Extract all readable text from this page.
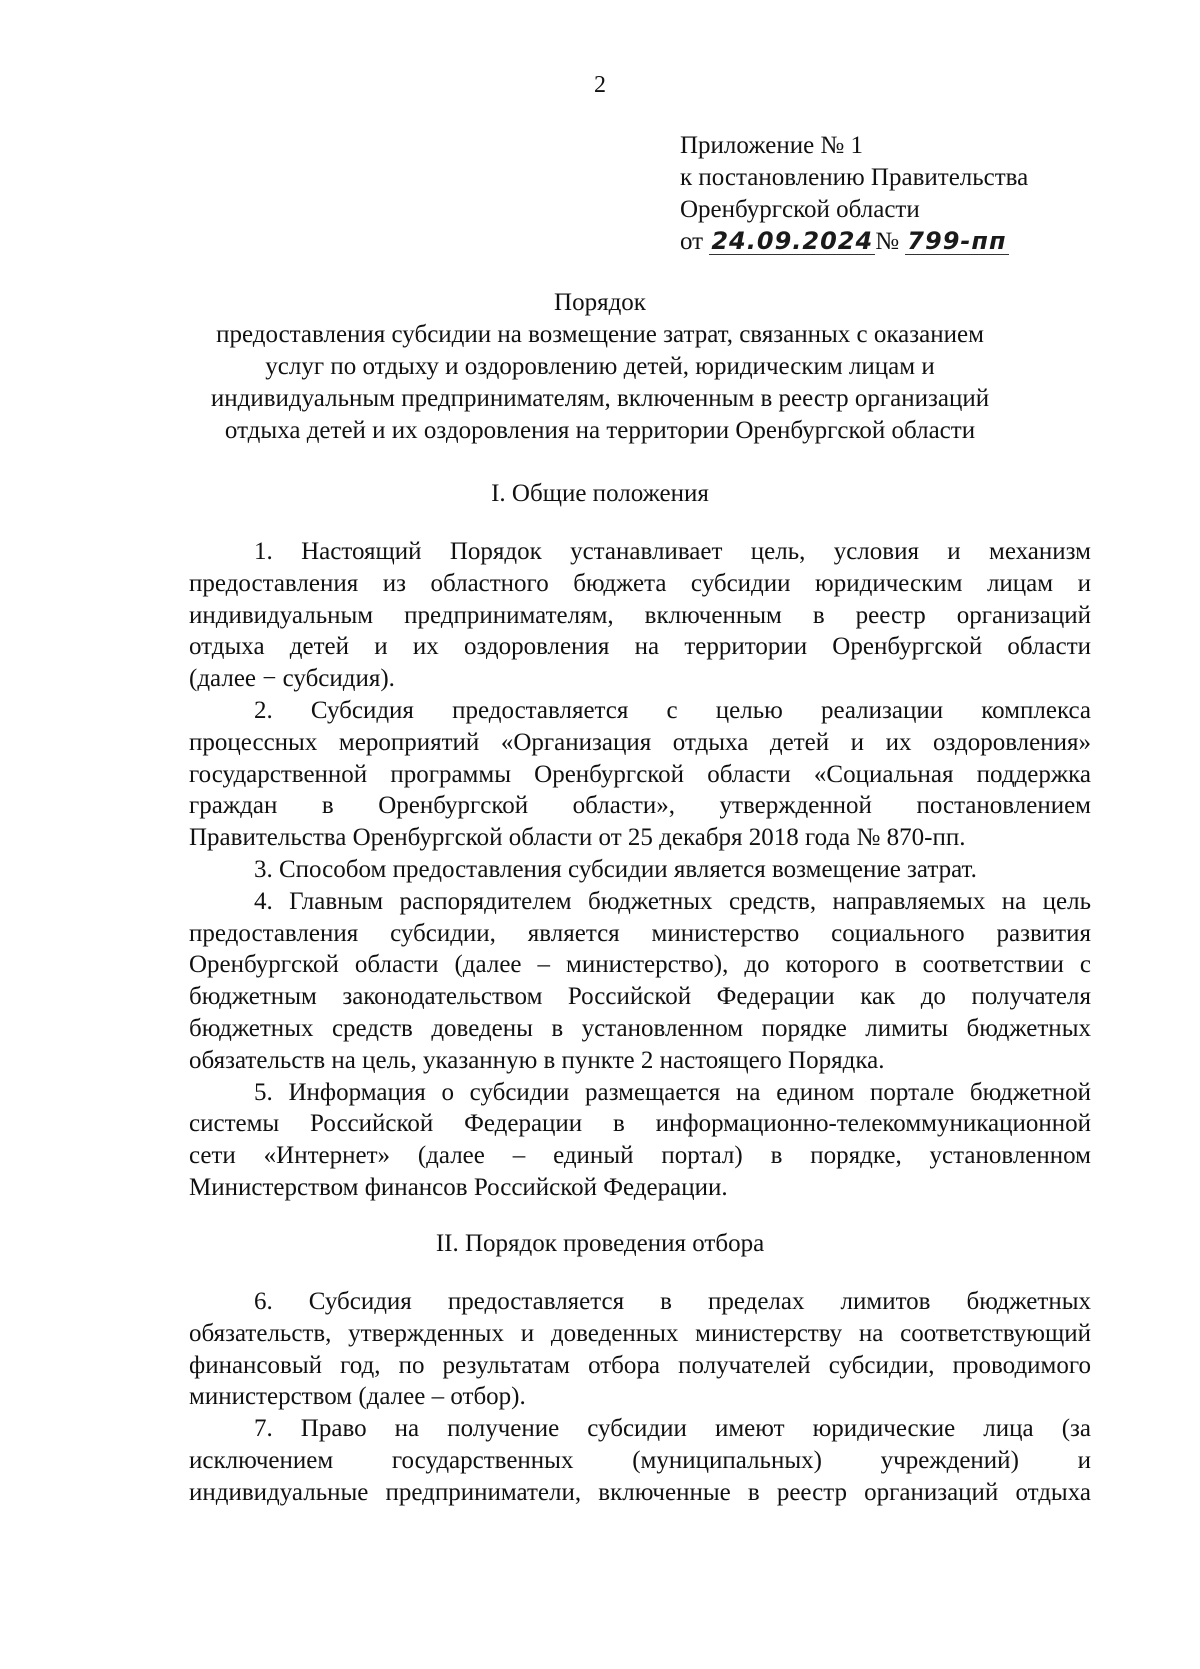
2
Приложение № 1
к постановлению Правительства
Оренбургской области
от 24.09.2024№ 799-пп
Порядок
предоставления субсидии на возмещение затрат, связанных с оказанием
услуг по отдыху и оздоровлению детей, юридическим лицам и
индивидуальным предпринимателям, включенным в реестр организаций
отдыха детей и их оздоровления на территории Оренбургской области
I. Общие положения
1. Настоящий Порядок устанавливает цель, условия и механизм
предоставления из областного бюджета субсидии юридическим лицам и
индивидуальным предпринимателям, включенным в реестр организаций
отдыха детей и их оздоровления на территории Оренбургской области
(далее − субсидия).
2. Субсидия предоставляется с целью реализации комплекса
процессных мероприятий «Организация отдыха детей и их оздоровления»
государственной программы Оренбургской области «Социальная поддержка
граждан в Оренбургской области», утвержденной постановлением
Правительства Оренбургской области от 25 декабря 2018 года № 870-пп.
3. Способом предоставления субсидии является возмещение затрат.
4. Главным распорядителем бюджетных средств, направляемых на цель
предоставления субсидии, является министерство социального развития
Оренбургской области (далее – министерство), до которого в соответствии с
бюджетным законодательством Российской Федерации как до получателя
бюджетных средств доведены в установленном порядке лимиты бюджетных
обязательств на цель, указанную в пункте 2 настоящего Порядка.
5. Информация о субсидии размещается на едином портале бюджетной
системы Российской Федерации в информационно-телекоммуникационной
сети «Интернет» (далее – единый портал) в порядке, установленном
Министерством финансов Российской Федерации.
II. Порядок проведения отбора
6. Субсидия предоставляется в пределах лимитов бюджетных
обязательств, утвержденных и доведенных министерству на соответствующий
финансовый год, по результатам отбора получателей субсидии, проводимого
министерством (далее – отбор).
7. Право на получение субсидии имеют юридические лица (за
исключением государственных (муниципальных) учреждений) и
индивидуальные предприниматели, включенные в реестр организаций отдыха
